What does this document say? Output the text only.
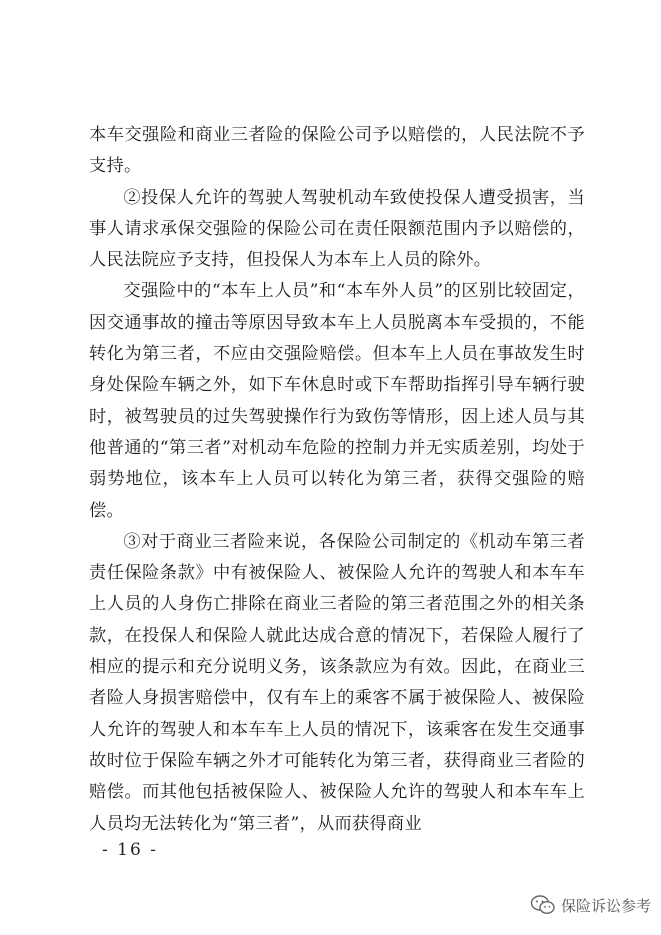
本车交强险和商业三者险的保险公司予以赔偿的，人民法院不予支持。

②投保人允许的驾驶人驾驶机动车致使投保人遭受损害，当事人请求承保交强险的保险公司在责任限额范围内予以赔偿的，人民法院应予支持，但投保人为本车上人员的除外。

交强险中的“本车上人员”和“本车外人员”的区别比较固定，因交通事故的撞击等原因导致本车上人员脱离本车受损的，不能转化为第三者，不应由交强险赔偿。但本车上人员在事故发生时身处保险车辆之外，如下车休息时或下车帮助指挥引导车辆行驶时，被驾驶员的过失驾驶操作行为致伤等情形，因上述人员与其他普通的“第三者”对机动车危险的控制力并无实质差别，均处于弱势地位，该本车上人员可以转化为第三者，获得交强险的赔偿。

③对于商业三者险来说，各保险公司制定的《机动车第三者责任保险条款》中有被保险人、被保险人允许的驾驶人和本车车上人员的人身伤亡排除在商业三者险的第三者范围之外的相关条款，在投保人和保险人就此达成合意的情况下，若保险人履行了相应的提示和充分说明义务，该条款应为有效。因此，在商业三者险人身损害赔偿中，仅有车上的乘客不属于被保险人、被保险人允许的驾驶人和本车车上人员的情况下，该乘客在发生交通事故时位于保险车辆之外才可能转化为第三者，获得商业三者险的赔偿。而其他包括被保险人、被保险人允许的驾驶人和本车车上人员均无法转化为“第三者”，从而获得商业

- 16 -
保险诉讼参考
